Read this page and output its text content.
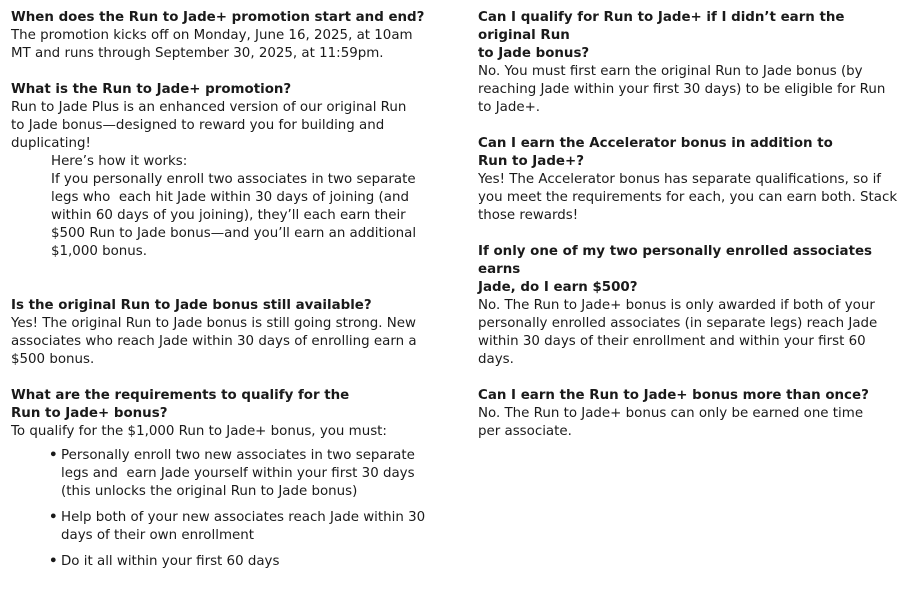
When does the Run to Jade+ promotion start and end?

The promotion kicks off on Monday, June 16, 2025, at 10am
MT and runs through September 30, 2025, at 11:59pm.

What is the Run to Jade+ promotion?

Run to Jade Plus is an enhanced version of our original Run
to Jade bonus—designed to reward you for building and
duplicating!

Here’s how it works:
If you personally enroll two associates in two separate
legs who  each hit Jade within 30 days of joining (and
within 60 days of you joining), they’ll each earn their
$500 Run to Jade bonus—and you’ll earn an additional
$1,000 bonus.

Is the original Run to Jade bonus still available?

Yes! The original Run to Jade bonus is still going strong. New
associates who reach Jade within 30 days of enrolling earn a
$500 bonus.

What are the requirements to qualify for the
Run to Jade+ bonus?

To qualify for the $1,000 Run to Jade+ bonus, you must:

• Personally enroll two new associates in two separate
legs and  earn Jade yourself within your first 30 days
(this unlocks the original Run to Jade bonus)
• Help both of your new associates reach Jade within 30
days of their own enrollment
• Do it all within your first 60 days

Can I qualify for Run to Jade+ if I didn’t earn the original Run
to Jade bonus?

No. You must first earn the original Run to Jade bonus (by
reaching Jade within your first 30 days) to be eligible for Run
to Jade+.

Can I earn the Accelerator bonus in addition to
Run to Jade+?

Yes! The Accelerator bonus has separate qualifications, so if
you meet the requirements for each, you can earn both. Stack
those rewards!

If only one of my two personally enrolled associates earns
Jade, do I earn $500?

No. The Run to Jade+ bonus is only awarded if both of your
personally enrolled associates (in separate legs) reach Jade
within 30 days of their enrollment and within your first 60
days.

Can I earn the Run to Jade+ bonus more than once?

No. The Run to Jade+ bonus can only be earned one time
per associate.
